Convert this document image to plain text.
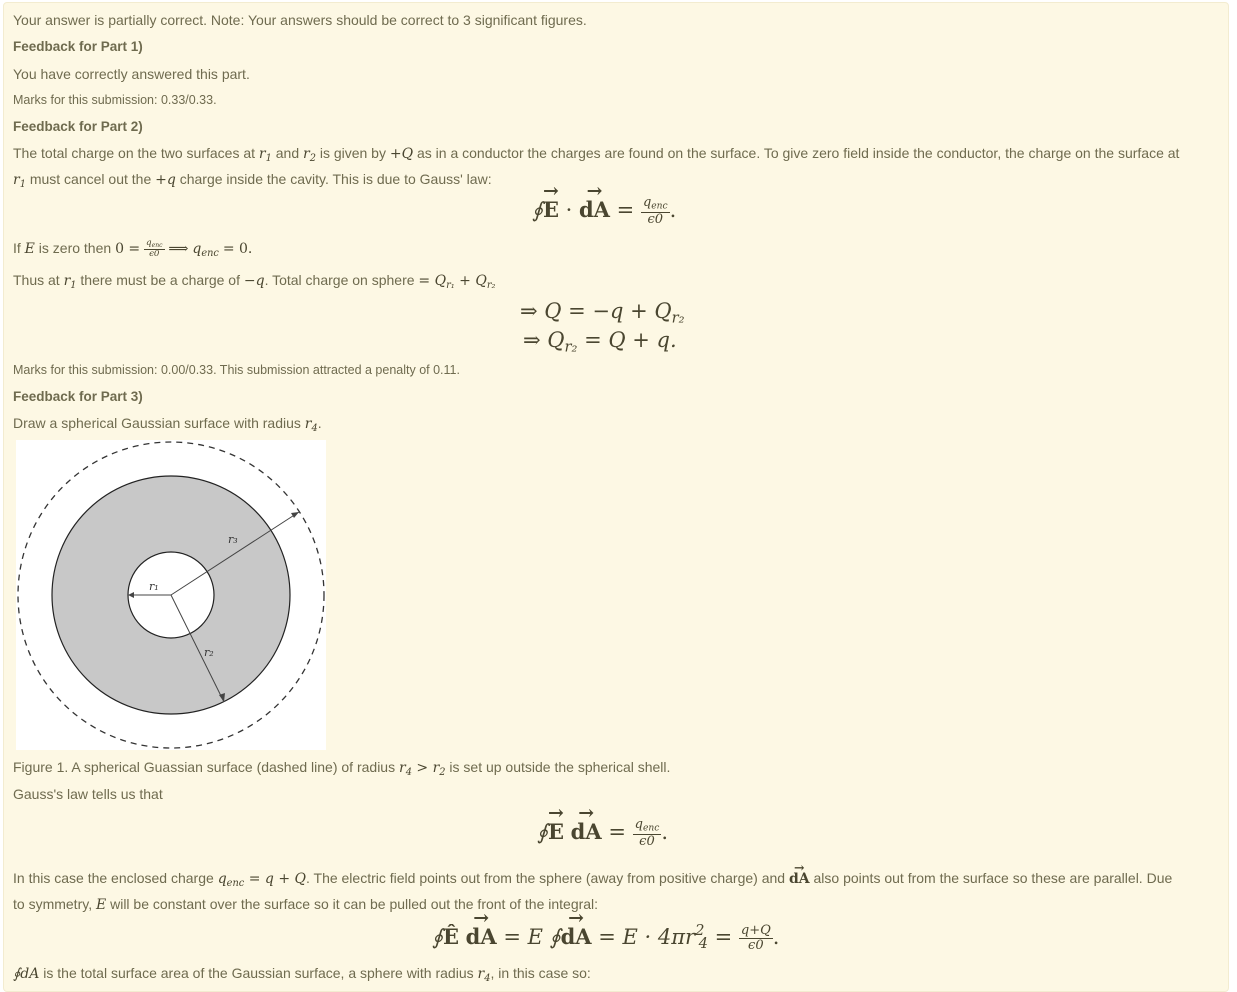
Your answer is partially correct. Note: Your answers should be correct to 3 significant figures.
Feedback for Part 1)
You have correctly answered this part.
Marks for this submission: 0.33/0.33.
Feedback for Part 2)
The total charge on the two surfaces at $r_1$ and $r_2$ is given by +Q as in a conductor the charges are found on the surface. To give zero field inside the conductor, the charge on the surface at
$r_1$ must cancel out the +q charge inside the cavity. This is due to Gauss' law:
∮→ E · → dA = $\frac{q_{enc}}{\epsilon 0}$ .
If E is zero then $0 = \frac{q_{enc}}{\epsilon 0}$ ⟹ $q_{enc} = 0$.
Thus at $r_1$ there must be a charge of −q. Total charge on sphere = $Q_{r_1} + Q_{r_2}$
⇒ $Q = -q + Q_{r_2}$
⇒ $Q_{r_2} = Q + q$.
Marks for this submission: 0.00/0.33. This submission attracted a penalty of 0.11.
Feedback for Part 3)
Draw a spherical Gaussian surface with radius $r_4$.
r₃
r₁
r₂
Figure 1. A spherical Guassian surface (dashed line) of radius $r_4 > r_2$ is set up outside the spherical shell.
Gauss's law tells us that
∮→ E → dA = $\frac{q_{enc}}{\epsilon 0}$ .
In this case the enclosed charge $q_{enc} = q + Q$. The electric field points out from the sphere (away from positive charge) and → dA also points out from the surface so these are parallel. Due
to symmetry, E will be constant over the surface so it can be pulled out the front of the integral:
∮Ê → dA = E ∮→ dA = $E \cdot 4\pi r^2_4 = \frac{q+Q}{\epsilon 0}$ .
∮dA is the total surface area of the Gaussian surface, a sphere with radius $r_4$, in this case so:
